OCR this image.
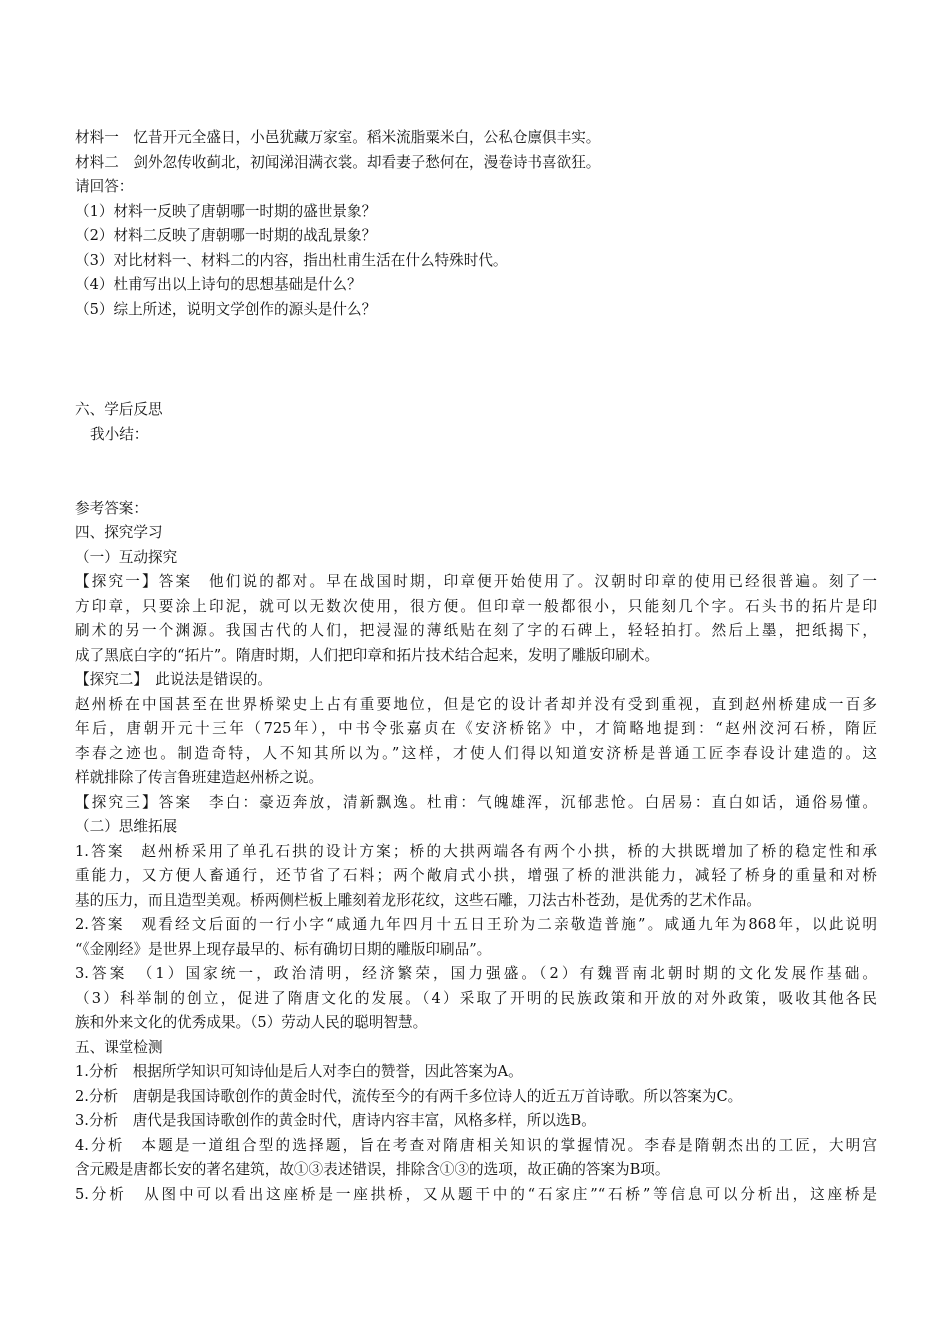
材料一　忆昔开元全盛日，小邑犹藏万家室。稻米流脂粟米白，公私仓廪俱丰实。
材料二　剑外忽传收蓟北，初闻涕泪满衣裳。却看妻子愁何在，漫卷诗书喜欲狂。
请回答：
（1）材料一反映了唐朝哪一时期的盛世景象？
（2）材料二反映了唐朝哪一时期的战乱景象？
（3）对比材料一、材料二的内容，指出杜甫生活在什么特殊时代。
（4）杜甫写出以上诗句的思想基础是什么？
（5）综上所述，说明文学创作的源头是什么？
六、学后反思
我小结：
参考答案：
四、探究学习
（一）互动探究
【探究一】答案　他们说的都对。早在战国时期，印章便开始使用了。汉朝时印章的使用已经很普遍。刻了一
方印章，只要涂上印泥，就可以无数次使用，很方便。但印章一般都很小，只能刻几个字。石头书的拓片是印
刷术的另一个渊源。我国古代的人们，把浸湿的薄纸贴在刻了字的石碑上，轻轻拍打。然后上墨，把纸揭下，
成了黑底白字的“拓片”。隋唐时期，人们把印章和拓片技术结合起来，发明了雕版印刷术。
【探究二】　此说法是错误的。
赵州桥在中国甚至在世界桥梁史上占有重要地位，但是它的设计者却并没有受到重视，直到赵州桥建成一百多
年后，唐朝开元十三年（725年），中书令张嘉贞在《安济桥铭》中，才简略地提到：“赵州洨河石桥，隋匠
李春之迹也。制造奇特，人不知其所以为。”这样，才使人们得以知道安济桥是普通工匠李春设计建造的。这
样就排除了传言鲁班建造赵州桥之说。
【探究三】答案　李白：豪迈奔放，清新飘逸。杜甫：气魄雄浑，沉郁悲怆。白居易：直白如话，通俗易懂。
（二）思维拓展
1.答案　赵州桥采用了单孔石拱的设计方案；桥的大拱两端各有两个小拱，桥的大拱既增加了桥的稳定性和承
重能力，又方便人畜通行，还节省了石料；两个敞肩式小拱，增强了桥的泄洪能力，减轻了桥身的重量和对桥
基的压力，而且造型美观。桥两侧栏板上雕刻着龙形花纹，这些石雕，刀法古朴苍劲，是优秀的艺术作品。
2.答案　观看经文后面的一行小字“咸通九年四月十五日王玠为二亲敬造普施”。咸通九年为868年，以此说明
“《金刚经》是世界上现存最早的、标有确切日期的雕版印刷品”。
3.答案　（1）国家统一，政治清明，经济繁荣，国力强盛。（2）有魏晋南北朝时期的文化发展作基础。
（3）科举制的创立，促进了隋唐文化的发展。（4）采取了开明的民族政策和开放的对外政策，吸收其他各民
族和外来文化的优秀成果。（5）劳动人民的聪明智慧。
五、课堂检测
1.分析　根据所学知识可知诗仙是后人对李白的赞誉，因此答案为A。
2.分析　唐朝是我国诗歌创作的黄金时代，流传至今的有两千多位诗人的近五万首诗歌。所以答案为C。
3.分析　唐代是我国诗歌创作的黄金时代，唐诗内容丰富，风格多样，所以选B。
4.分析　本题是一道组合型的选择题，旨在考查对隋唐相关知识的掌握情况。李春是隋朝杰出的工匠，大明宫
含元殿是唐都长安的著名建筑，故①③表述错误，排除含①③的选项，故正确的答案为B项。
5.分析　从图中可以看出这座桥是一座拱桥，又从题干中的“石家庄”“石桥”等信息可以分析出，这座桥是
